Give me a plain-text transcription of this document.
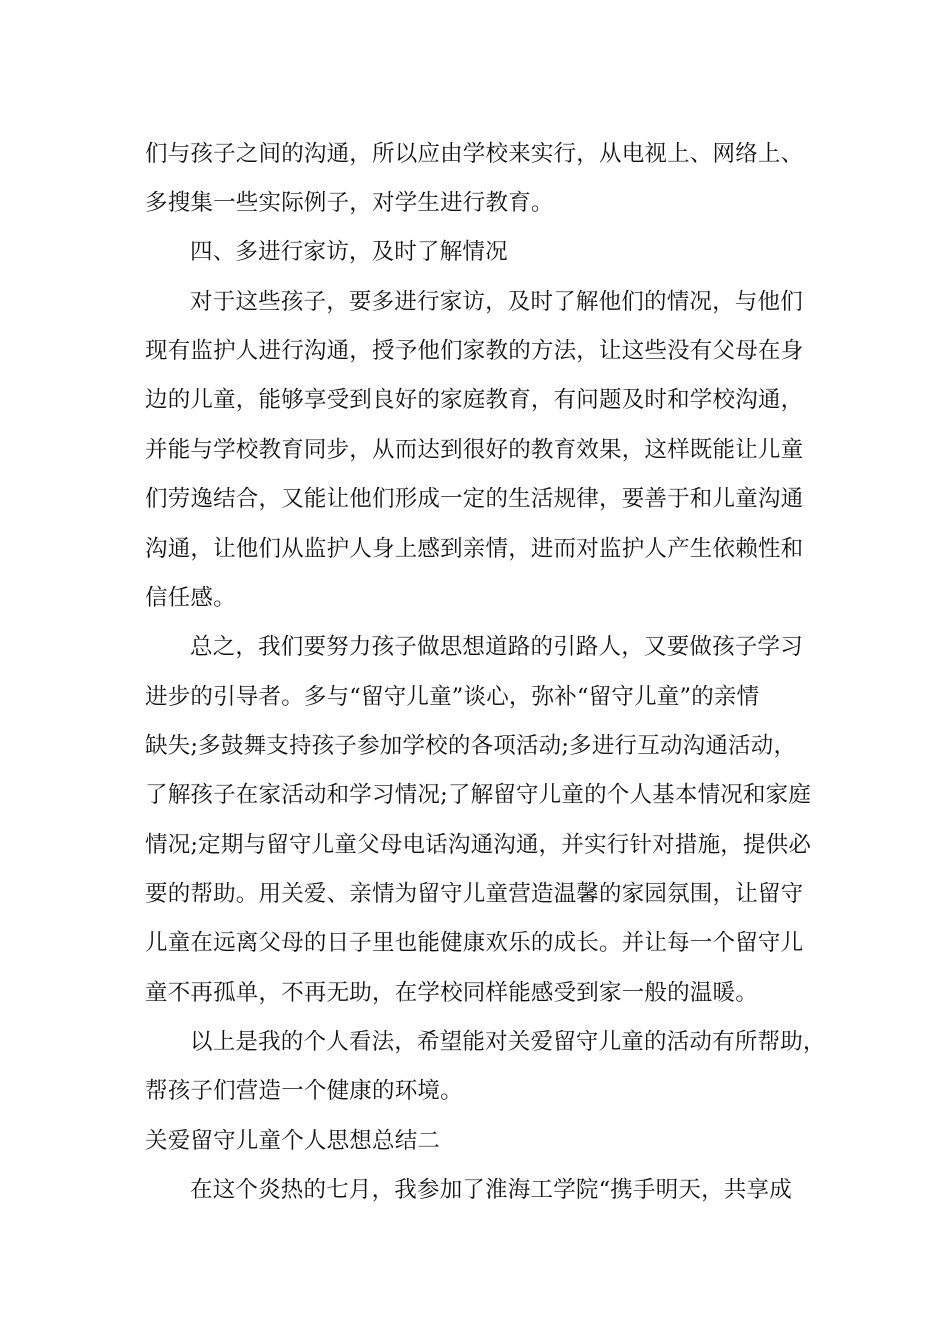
们与孩子之间的沟通，所以应由学校来实行，从电视上、网络上、
多搜集一些实际例子，对学生进行教育。
四、多进行家访，及时了解情况
对于这些孩子，要多进行家访，及时了解他们的情况，与他们
现有监护人进行沟通，授予他们家教的方法，让这些没有父母在身
边的儿童，能够享受到良好的家庭教育，有问题及时和学校沟通，
并能与学校教育同步，从而达到很好的教育效果，这样既能让儿童
们劳逸结合，又能让他们形成一定的生活规律，要善于和儿童沟通
沟通，让他们从监护人身上感到亲情，进而对监护人产生依赖性和
信任感。
总之，我们要努力孩子做思想道路的引路人，又要做孩子学习
进步的引导者。多与“留守儿童”谈心，弥补“留守儿童”的亲情
缺失;多鼓舞支持孩子参加学校的各项活动;多进行互动沟通活动，
了解孩子在家活动和学习情况;了解留守儿童的个人基本情况和家庭
情况;定期与留守儿童父母电话沟通沟通，并实行针对措施，提供必
要的帮助。用关爱、亲情为留守儿童营造温馨的家园氛围，让留守
儿童在远离父母的日子里也能健康欢乐的成长。并让每一个留守儿
童不再孤单，不再无助，在学校同样能感受到家一般的温暖。
以上是我的个人看法，希望能对关爱留守儿童的活动有所帮助，
帮孩子们营造一个健康的环境。
关爱留守儿童个人思想总结二
在这个炎热的七月，我参加了淮海工学院“携手明天，共享成
